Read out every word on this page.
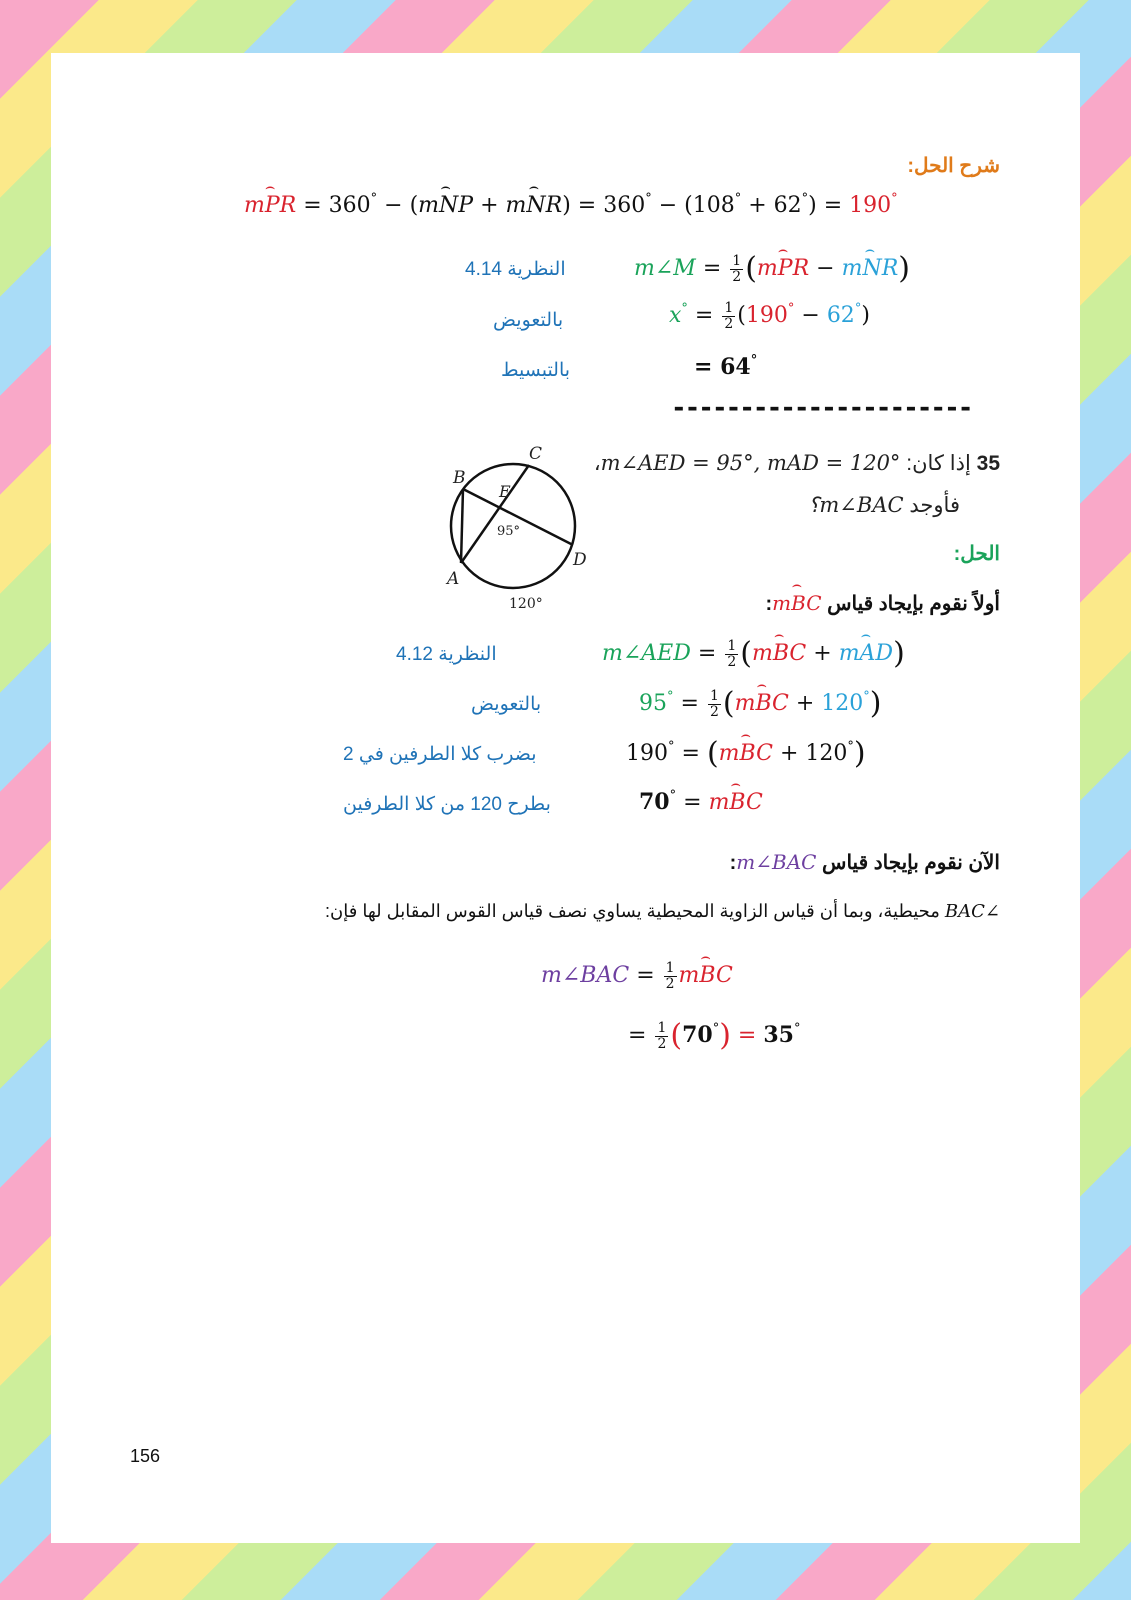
شرح الحل:
⌢ mPR = 360° − (⌢ mNP + ⌢ mNR) = 360° − (108° + 62°) = 190°
النظرية 4.14	m∠M = $\frac{1}{2}$ (⌢ mPR − ⌢ mNR)
بالتعويض	$x^\circ = \frac{1}{2} (190^\circ - 62^\circ)$
بالتبسيط	= 64°
----------------------
35 إذا كان: m∠AED = 95°, mAD = 120°،
فأوجد m∠BAC؟
B
C
E
D
A
95°
120°
الحل:
أولاً نقوم بإيجاد قياس ⌢ mBC:
النظرية 4.12	m∠AED = $\frac{1}{2}$ (⌢ mBC + ⌢ mAD)
بالتعويض	$95^\circ = \frac{1}{2}$ (⌢ mBC + 120°)
بضرب كلا الطرفين في 2	190° = (⌢ mBC + 120°)
بطرح 120 من كلا الطرفين	70° = ⌢ mBC
الآن نقوم بإيجاد قياس m∠BAC:
∠BAC محيطية، وبما أن قياس الزاوية المحيطية يساوي نصف قياس القوس المقابل لها فإن:
m∠BAC = $\frac{1}{2}$ ⌢ mBC
= $\frac{1}{2} (70^\circ) = 35^\circ$
156
